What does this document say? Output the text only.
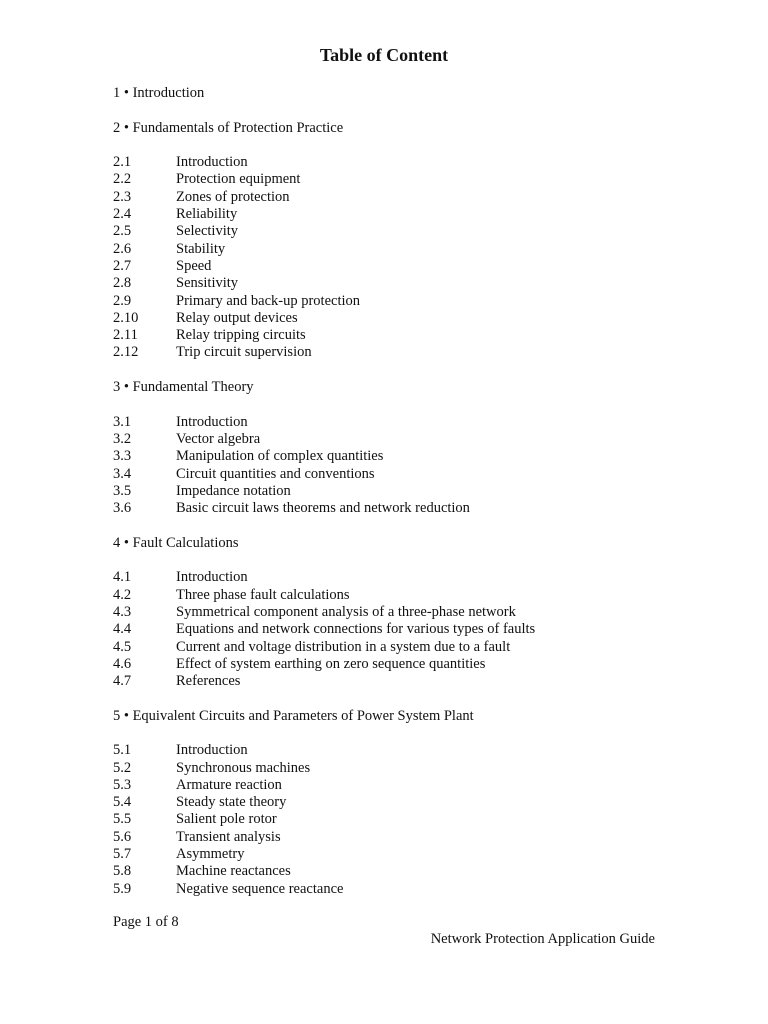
Table of Content
1 • Introduction
2 • Fundamentals of Protection Practice
2.1	Introduction
2.2	Protection equipment
2.3	Zones of protection
2.4	Reliability
2.5	Selectivity
2.6	Stability
2.7	Speed
2.8	Sensitivity
2.9	Primary and back-up protection
2.10	Relay output devices
2.11	Relay tripping circuits
2.12	Trip circuit supervision
3 • Fundamental Theory
3.1	Introduction
3.2	Vector algebra
3.3	Manipulation of complex quantities
3.4	Circuit quantities and conventions
3.5	Impedance notation
3.6	Basic circuit laws theorems and network reduction
4 • Fault Calculations
4.1	Introduction
4.2	Three phase fault calculations
4.3	Symmetrical component analysis of a three-phase network
4.4	Equations and network connections for various types of faults
4.5	Current and voltage distribution in a system due to a fault
4.6	Effect of system earthing on zero sequence quantities
4.7	References
5 • Equivalent Circuits and Parameters of Power System Plant
5.1	Introduction
5.2	Synchronous machines
5.3	Armature reaction
5.4	Steady state theory
5.5	Salient pole rotor
5.6	Transient analysis
5.7	Asymmetry
5.8	Machine reactances
5.9	Negative sequence reactance
Page 1 of 8
Network Protection Application Guide
